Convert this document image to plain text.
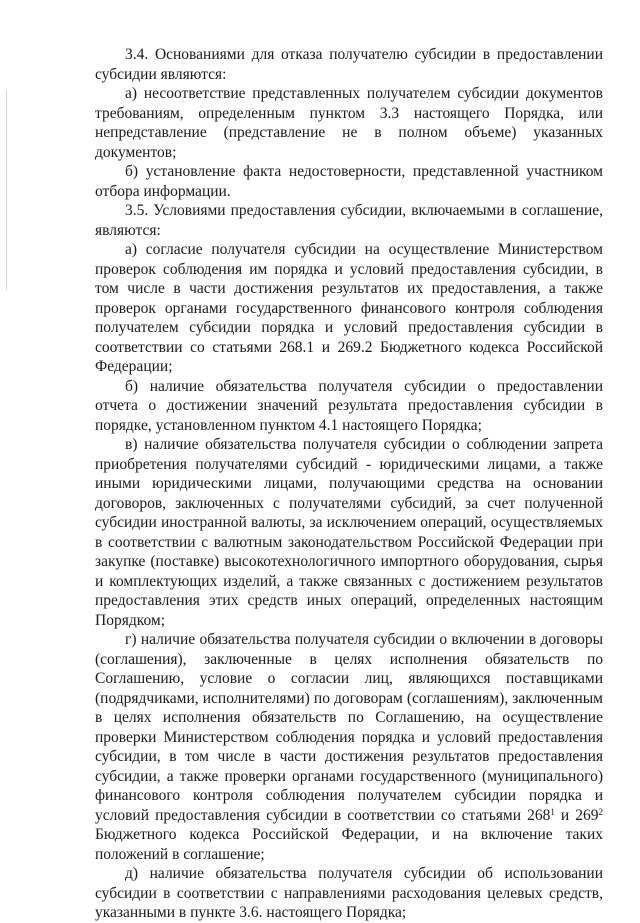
3.4. Основаниями для отказа получателю субсидии в предоставлении субсидии являются:

а) несоответствие представленных получателем субсидии документов требованиям, определенным пунктом 3.3 настоящего Порядка, или непредставление (представление не в полном объеме) указанных документов;

б) установление факта недостоверности, представленной участником отбора информации.

3.5. Условиями предоставления субсидии, включаемыми в соглашение, являются:

а) согласие получателя субсидии на осуществление Министерством проверок соблюдения им порядка и условий предоставления субсидии, в том числе в части достижения результатов их предоставления, а также проверок органами государственного финансового контроля соблюдения получателем субсидии порядка и условий предоставления субсидии в соответствии со статьями 268.1 и 269.2 Бюджетного кодекса Российской Федерации;

б) наличие обязательства получателя субсидии о предоставлении отчета о достижении значений результата предоставления субсидии в порядке, установленном пунктом 4.1 настоящего Порядка;

в) наличие обязательства получателя субсидии о соблюдении запрета приобретения получателями субсидий - юридическими лицами, а также иными юридическими лицами, получающими средства на основании договоров, заключенных с получателями субсидий, за счет полученной субсидии иностранной валюты, за исключением операций, осуществляемых в соответствии с валютным законодательством Российской Федерации при закупке (поставке) высокотехнологичного импортного оборудования, сырья и комплектующих изделий, а также связанных с достижением результатов предоставления этих средств иных операций, определенных настоящим Порядком;

г) наличие обязательства получателя субсидии о включении в договоры (соглашения), заключенные в целях исполнения обязательств по Соглашению, условие о согласии лиц, являющихся поставщиками (подрядчиками, исполнителями) по договорам (соглашениям), заключенным в целях исполнения обязательств по Соглашению, на осуществление проверки Министерством соблюдения порядка и условий предоставления субсидии, в том числе в части достижения результатов предоставления субсидии, а также проверки органами государственного (муниципального) финансового контроля соблюдения получателем субсидии порядка и условий предоставления субсидии в соответствии со статьями $268^1$ и $269^2$ Бюджетного кодекса Российской Федерации, и на включение таких положений в соглашение;

д) наличие обязательства получателя субсидии об использовании субсидии в соответствии с направлениями расходования целевых средств, указанными в пункте 3.6. настоящего Порядка;
